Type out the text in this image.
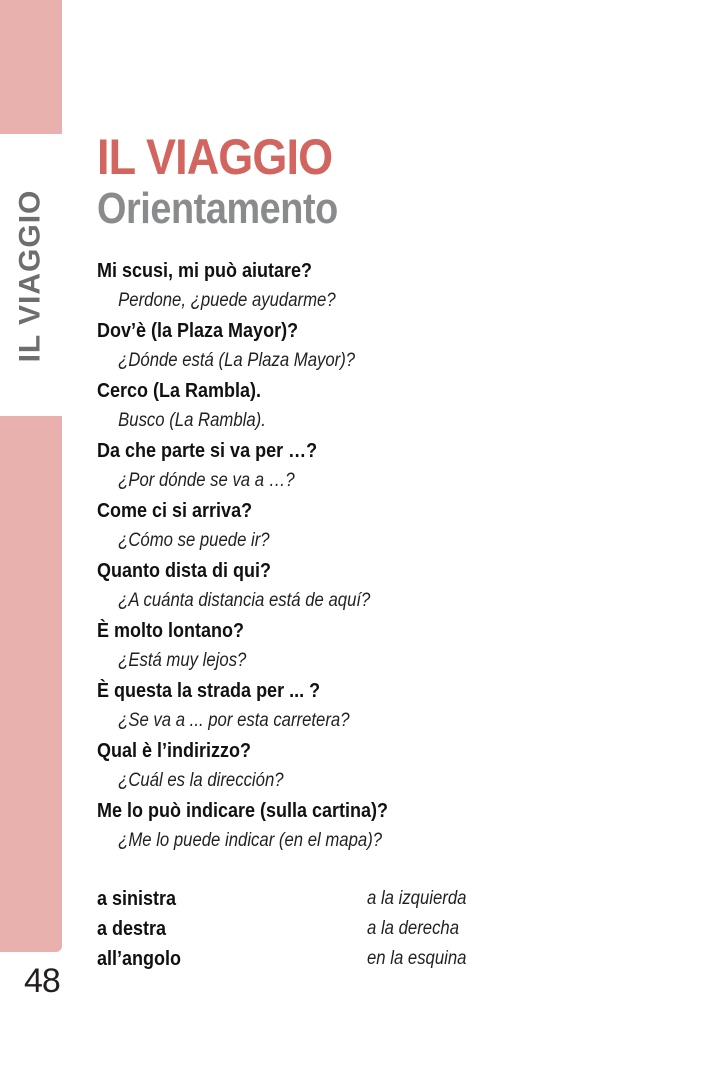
IL VIAGGIO
IL VIAGGIO
Orientamento
Mi scusi, mi può aiutare?
Perdone, ¿puede ayudarme?
Dov’è (la Plaza Mayor)?
¿Dónde está (La Plaza Mayor)?
Cerco (La Rambla).
Busco (La Rambla).
Da che parte si va per …?
¿Por dónde se va a …?
Come ci si arriva?
¿Cómo se puede ir?
Quanto dista di qui?
¿A cuánta distancia está de aquí?
È molto lontano?
¿Está muy lejos?
È questa la strada per ... ?
¿Se va a ... por esta carretera?
Qual è l’indirizzo?
¿Cuál es la dirección?
Me lo può indicare (sulla cartina)?
¿Me lo puede indicar (en el mapa)?
a sinistra	a la izquierda
a destra	a la derecha
all’angolo	en la esquina
48
